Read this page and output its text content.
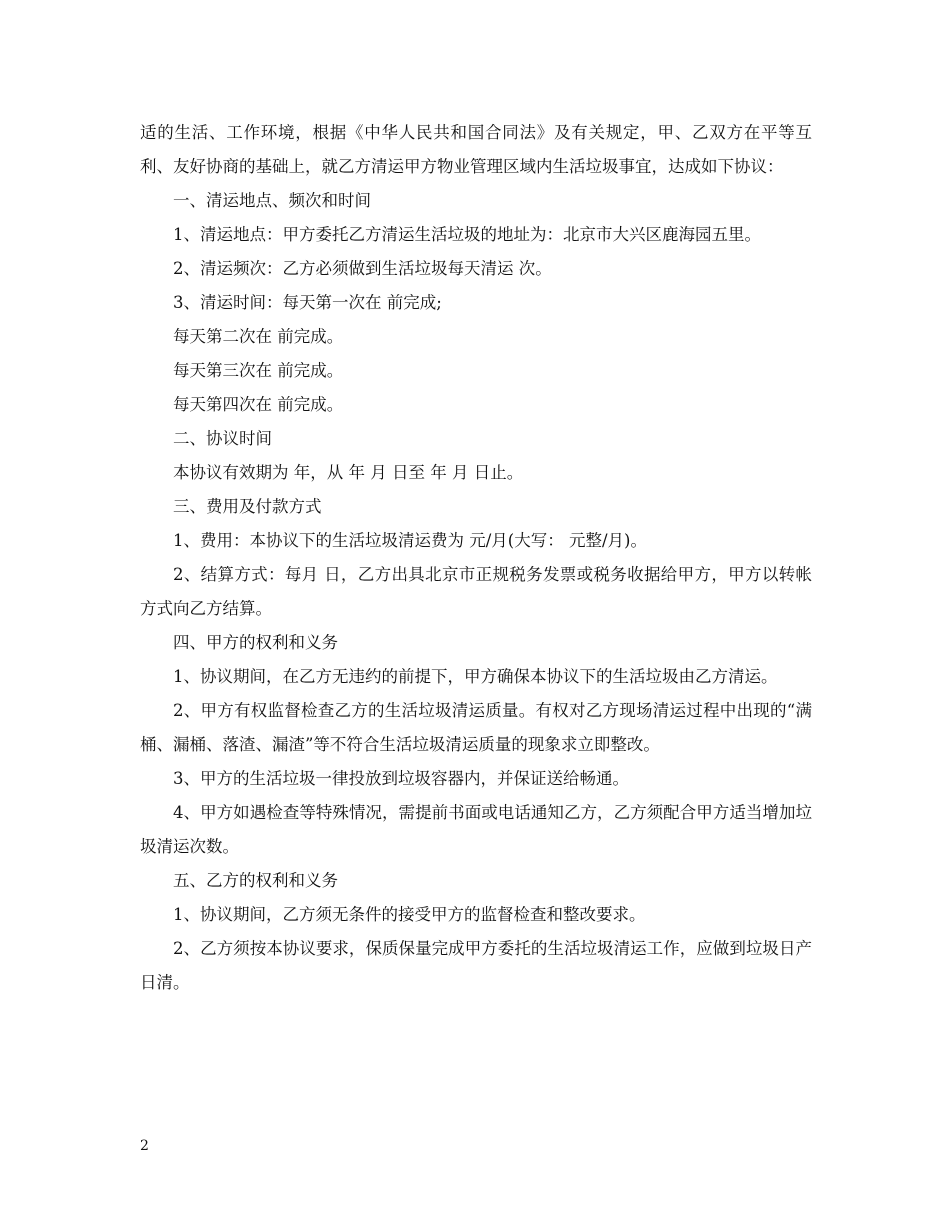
适的生活、工作环境，根据《中华人民共和国合同法》及有关规定，甲、乙双方在平等互利、友好协商的基础上，就乙方清运甲方物业管理区域内生活垃圾事宜，达成如下协议：

一、清运地点、频次和时间

1、清运地点：甲方委托乙方清运生活垃圾的地址为：北京市大兴区鹿海园五里。

2、清运频次：乙方必须做到生活垃圾每天清运 次。

3、清运时间：每天第一次在 前完成;

每天第二次在 前完成。

每天第三次在 前完成。

每天第四次在 前完成。

二、协议时间

本协议有效期为 年，从 年 月 日至 年 月 日止。

三、费用及付款方式

1、费用：本协议下的生活垃圾清运费为 元/月(大写： 元整/月)。

2、结算方式：每月 日，乙方出具北京市正规税务发票或税务收据给甲方，甲方以转帐方式向乙方结算。

四、甲方的权利和义务

1、协议期间，在乙方无违约的前提下，甲方确保本协议下的生活垃圾由乙方清运。

2、甲方有权监督检查乙方的生活垃圾清运质量。有权对乙方现场清运过程中出现的“满桶、漏桶、落渣、漏渣”等不符合生活垃圾清运质量的现象求立即整改。

3、甲方的生活垃圾一律投放到垃圾容器内，并保证送给畅通。

4、甲方如遇检查等特殊情况，需提前书面或电话通知乙方，乙方须配合甲方适当增加垃圾清运次数。

五、乙方的权利和义务

1、协议期间，乙方须无条件的接受甲方的监督检查和整改要求。

2、乙方须按本协议要求，保质保量完成甲方委托的生活垃圾清运工作，应做到垃圾日产日清。

2
